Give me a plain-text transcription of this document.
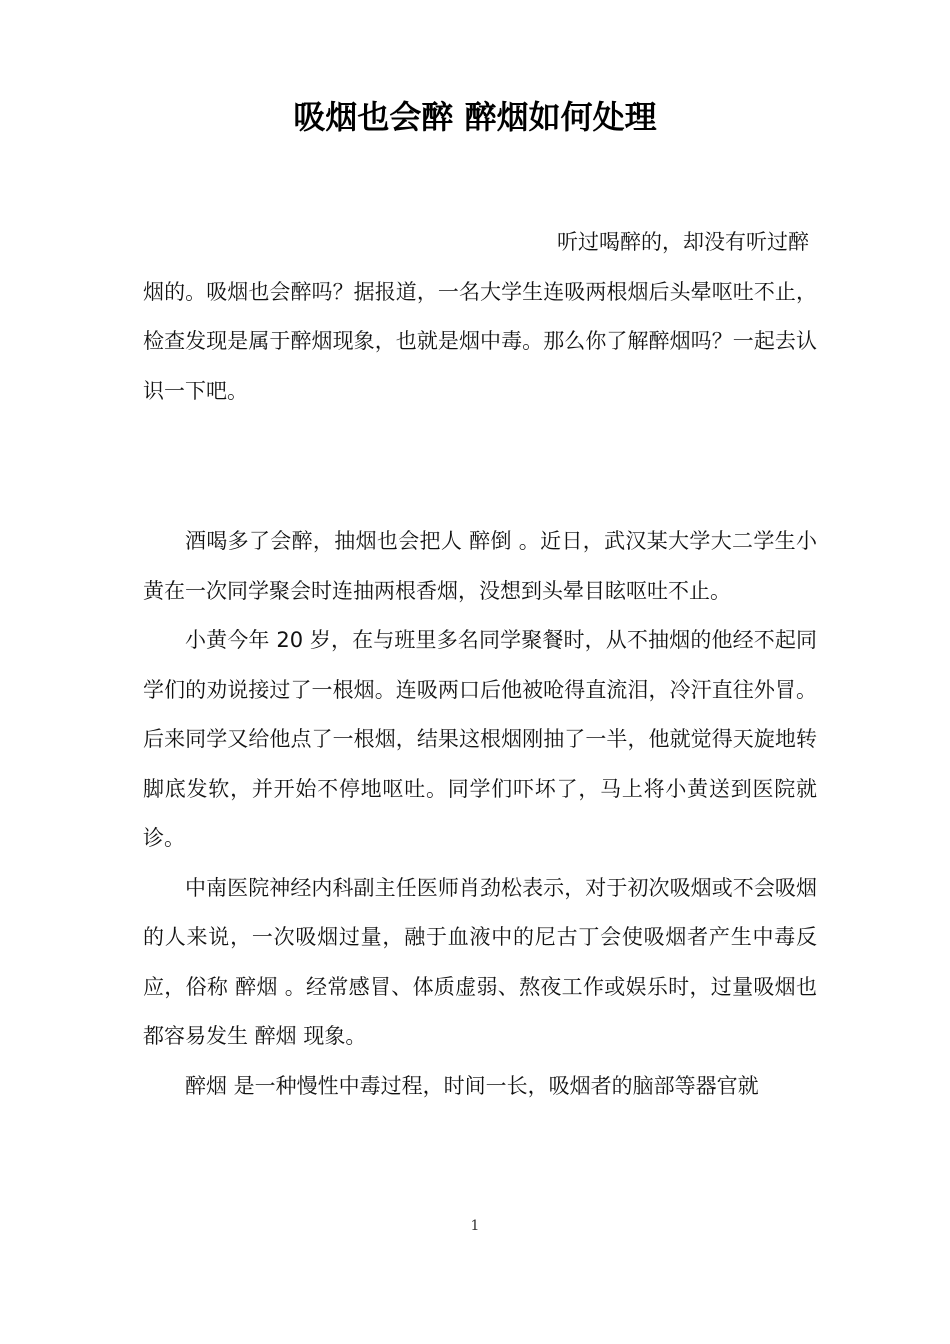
吸烟也会醉 醉烟如何处理
听过喝醉的，却没有听过醉
烟的。吸烟也会醉吗？据报道，一名大学生连吸两根烟后头晕呕吐不止，检查发现是属于醉烟现象，也就是烟中毒。那么你了解醉烟吗？一起去认识一下吧。

酒喝多了会醉，抽烟也会把人 醉倒 。近日，武汉某大学大二学生小黄在一次同学聚会时连抽两根香烟，没想到头晕目眩呕吐不止。

小黄今年 20 岁，在与班里多名同学聚餐时，从不抽烟的他经不起同学们的劝说接过了一根烟。连吸两口后他被呛得直流泪，冷汗直往外冒。后来同学又给他点了一根烟，结果这根烟刚抽了一半，他就觉得天旋地转脚底发软，并开始不停地呕吐。同学们吓坏了，马上将小黄送到医院就诊。

中南医院神经内科副主任医师肖劲松表示，对于初次吸烟或不会吸烟的人来说，一次吸烟过量，融于血液中的尼古丁会使吸烟者产生中毒反应，俗称 醉烟 。经常感冒、体质虚弱、熬夜工作或娱乐时，过量吸烟也都容易发生 醉烟 现象。

醉烟 是一种慢性中毒过程，时间一长，吸烟者的脑部等器官就

1
